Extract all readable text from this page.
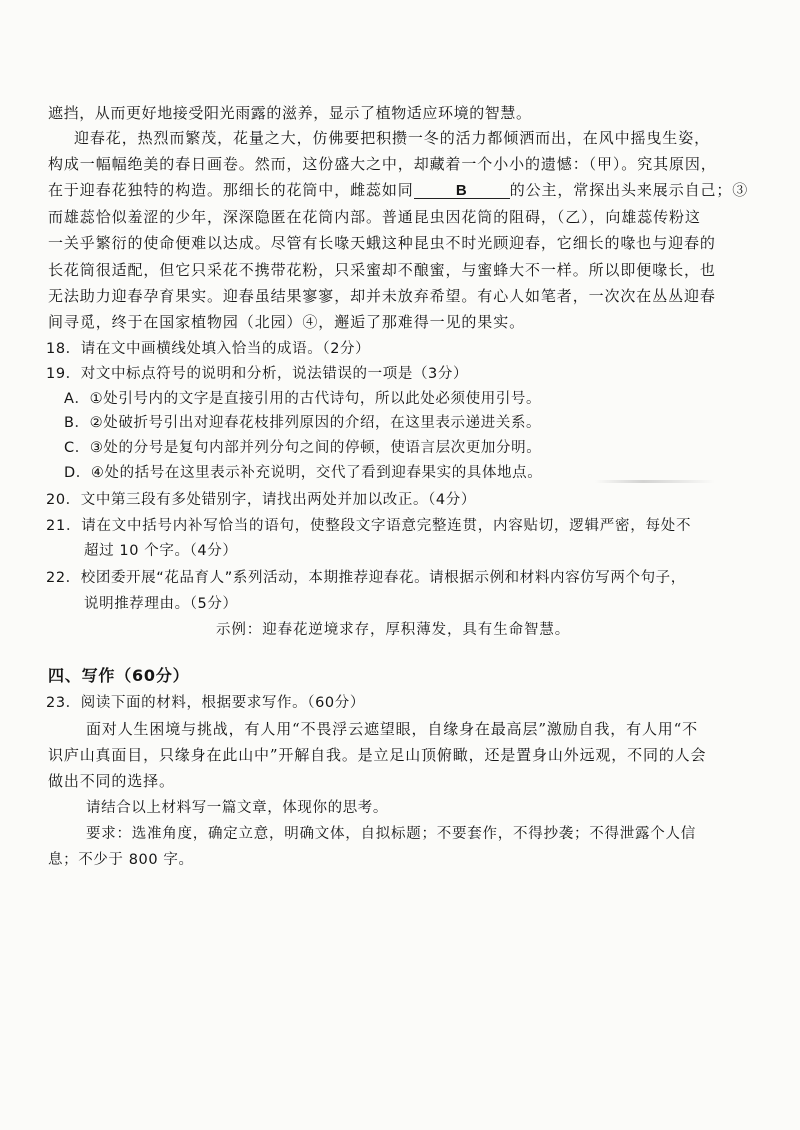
遮挡，从而更好地接受阳光雨露的滋养，显示了植物适应环境的智慧。
迎春花，热烈而繁茂，花量之大，仿佛要把积攒一冬的活力都倾洒而出，在风中摇曳生姿，
构成一幅幅绝美的春日画卷。然而，这份盛大之中，却藏着一个小小的遗憾：（甲）。究其原因，
在于迎春花独特的构造。那细长的花筒中，雌蕊如同	B	的公主，常探出头来展示自己；③
而雄蕊恰似羞涩的少年，深深隐匿在花筒内部。普通昆虫因花筒的阻碍，（乙），向雄蕊传粉这
一关乎繁衍的使命便难以达成。尽管有长喙天蛾这种昆虫不时光顾迎春，它细长的喙也与迎春的
长花筒很适配，但它只采花不携带花粉，只采蜜却不酿蜜，与蜜蜂大不一样。所以即便喙长，也
无法助力迎春孕育果实。迎春虽结果寥寥，却并未放弃希望。有心人如笔者，一次次在丛丛迎春
间寻觅，终于在国家植物园（北园）④，邂逅了那难得一见的果实。
18．请在文中画横线处填入恰当的成语。（2分）
19．对文中标点符号的说明和分析，说法错误的一项是（3分）
A．①处引号内的文字是直接引用的古代诗句，所以此处必须使用引号。
B．②处破折号引出对迎春花枝排列原因的介绍，在这里表示递进关系。
C．③处的分号是复句内部并列分句之间的停顿，使语言层次更加分明。
D．④处的括号在这里表示补充说明，交代了看到迎春果实的具体地点。
20．文中第三段有多处错别字，请找出两处并加以改正。（4分）
21．请在文中括号内补写恰当的语句，使整段文字语意完整连贯，内容贴切，逻辑严密，每处不
超过 10 个字。（4分）
22．校团委开展“花品育人”系列活动，本期推荐迎春花。请根据示例和材料内容仿写两个句子，
说明推荐理由。（5分）
示例：迎春花逆境求存，厚积薄发，具有生命智慧。
四、写作（60分）
23．阅读下面的材料，根据要求写作。（60分）
面对人生困境与挑战，有人用“不畏浮云遮望眼，自缘身在最高层”激励自我，有人用“不
识庐山真面目，只缘身在此山中”开解自我。是立足山顶俯瞰，还是置身山外远观，不同的人会
做出不同的选择。
请结合以上材料写一篇文章，体现你的思考。
要求：选准角度，确定立意，明确文体，自拟标题；不要套作，不得抄袭；不得泄露个人信
息；不少于 800 字。
